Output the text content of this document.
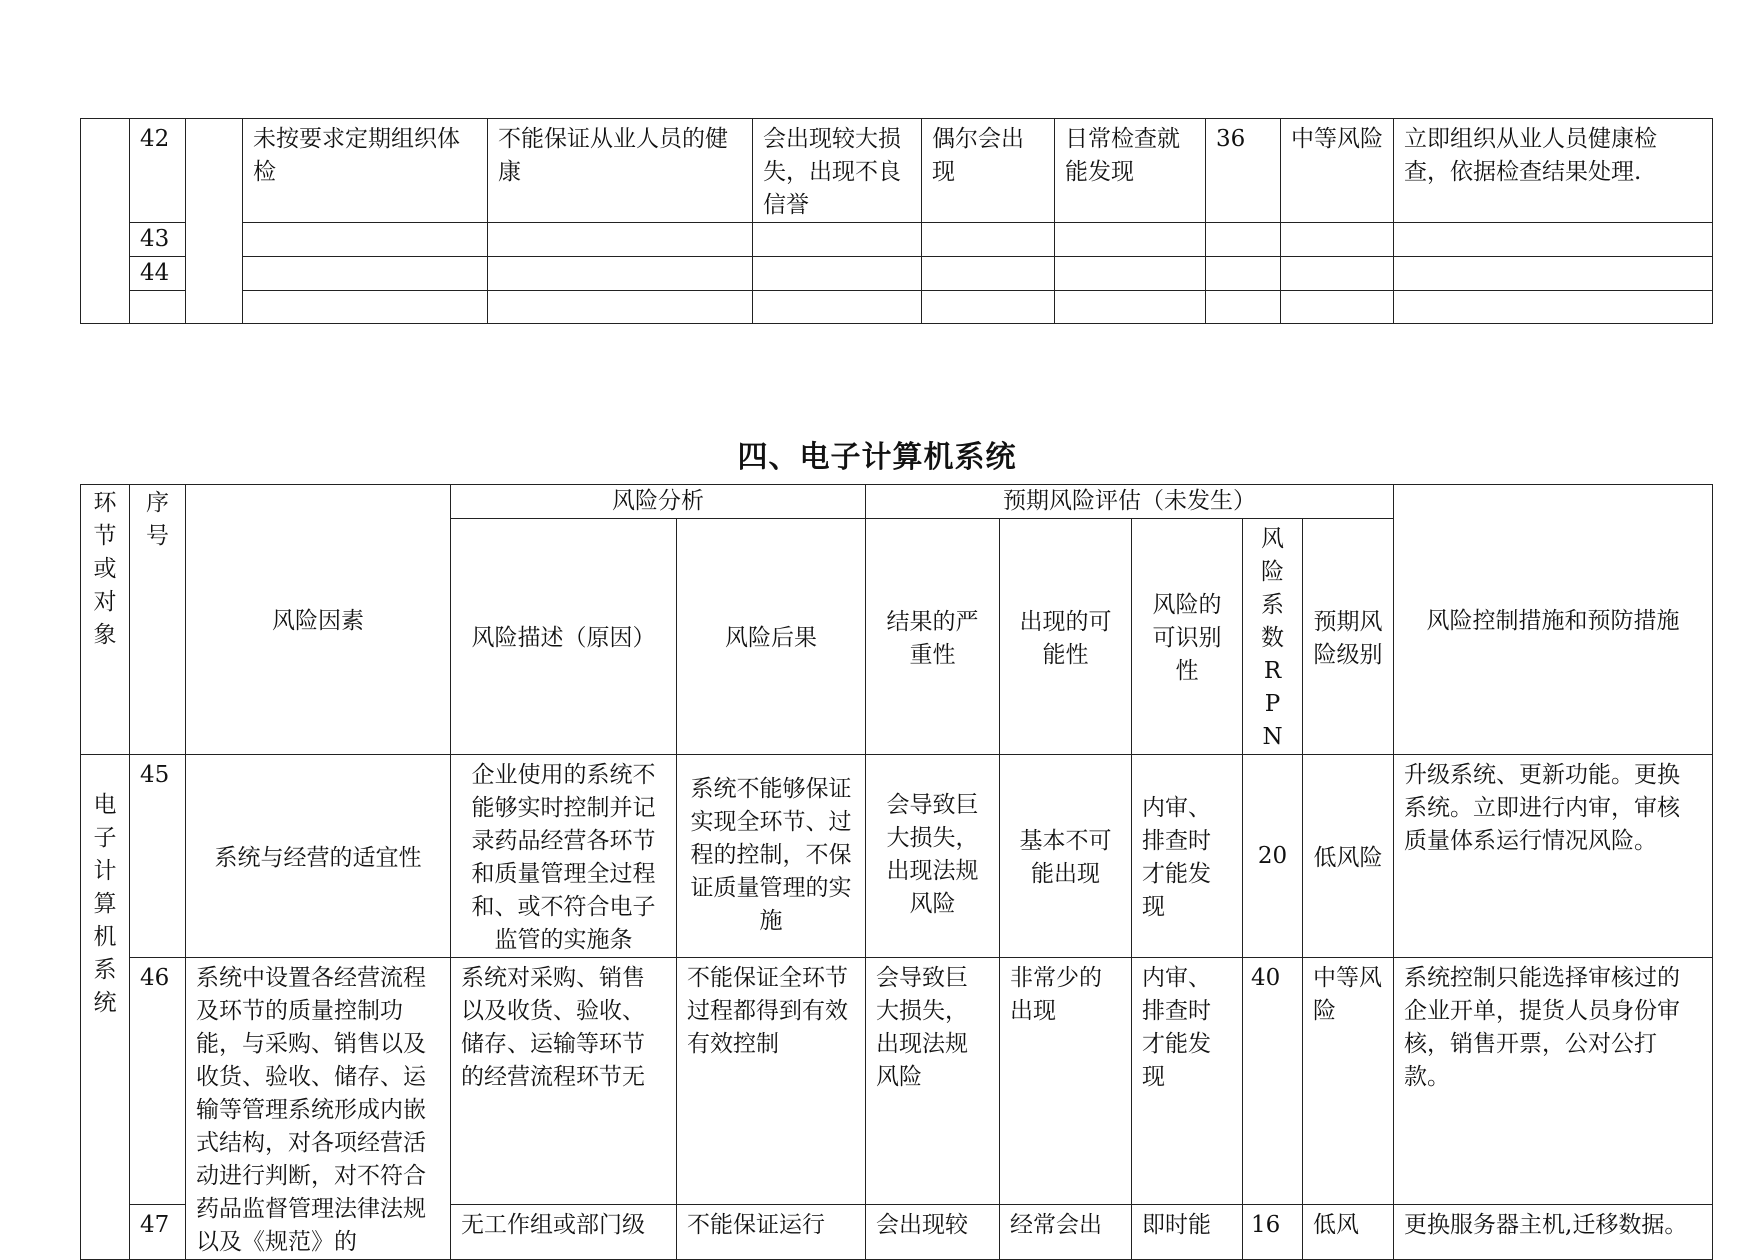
	42		未按要求定期组织体检	不能保证从业人员的健康	会出现较大损失，出现不良信誉	偶尔会出现	日常检查就能发现	36	中等风险	立即组织从业人员健康检查，依据检查结果处理.
	43									
	44									

四、电子计算机系统
环节或对象	序号	风险因素	风险分析		预期风险评估（未发生）					风险控制措施和预防措施
			风险描述（原因）	风险后果	结果的严重性	出现的可能性	风险的可识别性	风险系数RPN	预期风险级别	

电子计算机系统	45	系统与经营的适宜性	企业使用的系统不能够实时控制并记录药品经营各环节和质量管理全过程和、或不符合电子监管的实施条	系统不能够保证实现全环节、过程的控制，不保证质量管理的实施	会导致巨大损失，出现法规风险	基本不可能出现	内审、排查时才能发现	20	低风险	升级系统、更新功能。更换系统。立即进行内审，审核质量体系运行情况风险。
	46	系统中设置各经营流程及环节的质量控制功能，与采购、销售以及收货、验收、储存、运输等管理系统形成内嵌式结构，对各项经营活动进行判断，对不符合药品监督管理法律法规以及《规范》的	系统对采购、销售以及收货、验收、储存、运输等环节的经营流程环节无	不能保证全环节过程都得到有效有效控制	会导致巨大损失，出现法规风险	非常少的出现	内审、排查时才能发现	40	中等风险	系统控制只能选择审核过的企业开单，提货人员身份审核，销售开票，公对公打款。
	47		无工作组或部门级	不能保证运行	会出现较	经常会出	即时能	16	低风	更换服务器主机,迁移数据。
